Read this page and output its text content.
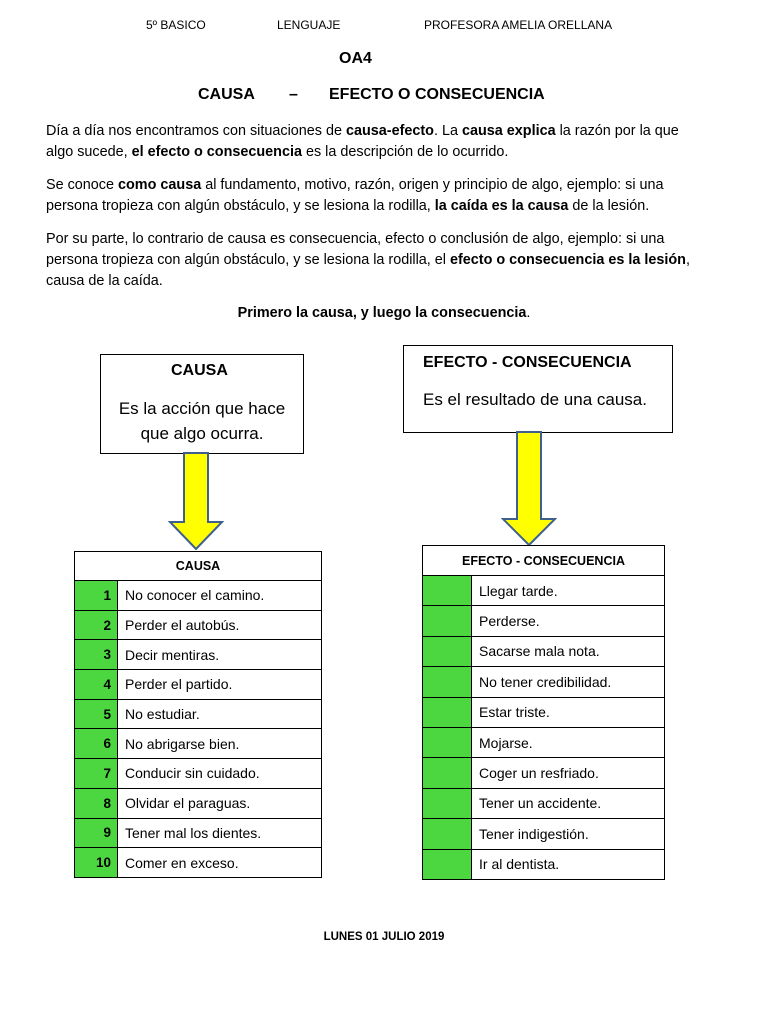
5º BASICO	LENGUAJE	PROFESORA AMELIA ORELLANA
OA4
CAUSA – EFECTO O CONSECUENCIA
Día a día nos encontramos con situaciones de causa-efecto. La causa explica la razón por la que algo sucede, el efecto o consecuencia es la descripción de lo ocurrido.
Se conoce como causa al fundamento, motivo, razón, origen y principio de algo, ejemplo: si una persona tropieza con algún obstáculo, y se lesiona la rodilla, la caída es la causa de la lesión.
Por su parte, lo contrario de causa es consecuencia, efecto o conclusión de algo, ejemplo: si una persona tropieza con algún obstáculo, y se lesiona la rodilla, el efecto o consecuencia es la lesión, causa de la caída.
Primero la causa, y luego la consecuencia.
CAUSA
Es la acción que hace
que algo ocurra.
EFECTO - CONSECUENCIA
Es el resultado de una causa.
CAUSA	
1	No conocer el camino.
2	Perder el autobús.
3	Decir mentiras.
4	Perder el partido.
5	No estudiar.
6	No abrigarse bien.
7	Conducir sin cuidado.
8	Olvidar el paraguas.
9	Tener mal los dientes.
10	Comer en exceso.
EFECTO - CONSECUENCIA	
	Llegar tarde.
	Perderse.
	Sacarse mala nota.
	No tener credibilidad.
	Estar triste.
	Mojarse.
	Coger un resfriado.
	Tener un accidente.
	Tener indigestión.
	Ir al dentista.
LUNES 01 JULIO 2019
